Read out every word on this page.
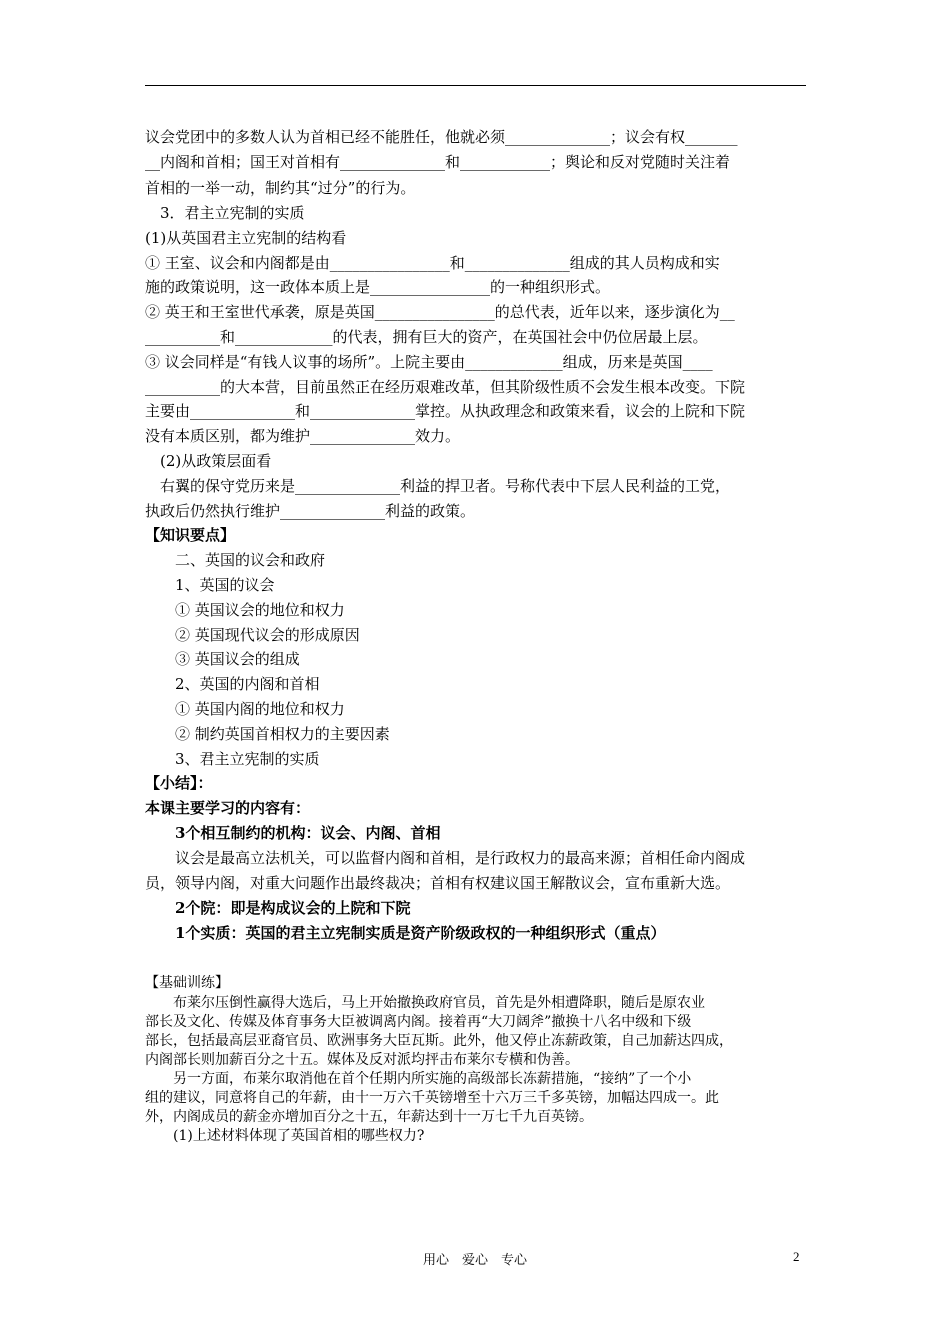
议会党团中的多数人认为首相已经不能胜任，他就必须______________；议会有权_______
__内阁和首相；国王对首相有______________和____________；舆论和反对党随时关注着
首相的一举一动，制约其“过分”的行为。
　3．君主立宪制的实质
(1)从英国君主立宪制的结构看
① 王室、议会和内阁都是由________________和______________组成的其人员构成和实
施的政策说明，这一政体本质上是________________的一种组织形式。
② 英王和王室世代承袭，原是英国________________的总代表，近年以来，逐步演化为__
__________和_____________的代表，拥有巨大的资产，在英国社会中仍位居最上层。
③ 议会同样是“有钱人议事的场所”。上院主要由_____________组成，历来是英国____
__________的大本营，目前虽然正在经历艰难改革，但其阶级性质不会发生根本改变。下院
主要由______________和______________掌控。从执政理念和政策来看，议会的上院和下院
没有本质区别，都为维护______________效力。
　(2)从政策层面看
　右翼的保守党历来是______________利益的捍卫者。号称代表中下层人民利益的工党，
执政后仍然执行维护______________利益的政策。
【知识要点】
　　二、英国的议会和政府
　　1、英国的议会
　　① 英国议会的地位和权力
　　② 英国现代议会的形成原因
　　③ 英国议会的组成
　　2、英国的内阁和首相
　　① 英国内阁的地位和权力
　　② 制约英国首相权力的主要因素
　　3、君主立宪制的实质
【小结】：
本课主要学习的内容有：
　　3个相互制约的机构：议会、内阁、首相
　　议会是最高立法机关，可以监督内阁和首相，是行政权力的最高来源；首相任命内阁成
员，领导内阁，对重大问题作出最终裁决；首相有权建议国王解散议会，宣布重新大选。
　　2个院：即是构成议会的上院和下院
　　1个实质：英国的君主立宪制实质是资产阶级政权的一种组织形式（重点）
【基础训练】
　　布莱尔压倒性赢得大选后，马上开始撤换政府官员，首先是外相遭降职，随后是原农业
部长及文化、传媒及体育事务大臣被调离内阁。接着再“大刀阔斧”撤换十八名中级和下级
部长，包括最高层亚裔官员、欧洲事务大臣瓦斯。此外，他又停止冻薪政策，自己加薪达四成，
内阁部长则加薪百分之十五。媒体及反对派均抨击布莱尔专横和伪善。
　　另一方面，布莱尔取消他在首个任期内所实施的高级部长冻薪措施，“接纳”了一个小
组的建议，同意将自己的年薪，由十一万六千英镑增至十六万三千多英镑，加幅达四成一。此
外，内阁成员的薪金亦增加百分之十五，年薪达到十一万七千九百英镑。
　　(1)上述材料体现了英国首相的哪些权力?
用心　爱心　专心	2
